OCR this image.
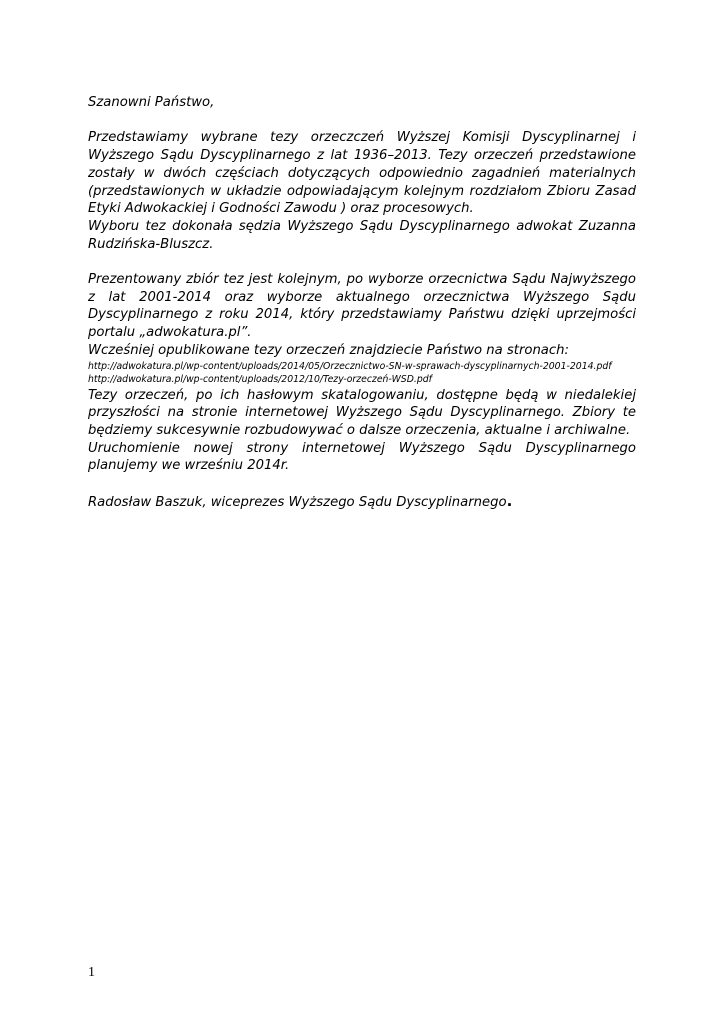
Szanowni Państwo,

Przedstawiamy wybrane tezy orzeczczeń Wyższej Komisji Dyscyplinarnej i Wyższego Sądu Dyscyplinarnego z lat 1936–2013. Tezy orzeczeń przedstawione zostały w dwóch częściach dotyczących odpowiednio zagadnień materialnych (przedstawionych w układzie odpowiadającym kolejnym rozdziałom Zbioru Zasad Etyki Adwokackiej i Godności Zawodu ) oraz procesowych.

Wyboru tez dokonała sędzia Wyższego Sądu Dyscyplinarnego adwokat Zuzanna Rudzińska-Bluszcz.

Prezentowany zbiór tez jest kolejnym, po wyborze orzecnictwa Sądu Najwyższego z lat 2001-2014 oraz wyborze aktualnego orzecznictwa Wyższego Sądu Dyscyplinarnego z roku 2014, który przedstawiamy Państwu dzięki uprzejmości portalu „adwokatura.pl”.

Wcześniej opublikowane tezy orzeczeń znajdziecie Państwo na stronach:

http://adwokatura.pl/wp-content/uploads/2014/05/Orzecznictwo-SN-w-sprawach-dyscyplinarnych-2001-2014.pdf
http://adwokatura.pl/wp-content/uploads/2012/10/Tezy-orzeczeń-WSD.pdf

Tezy orzeczeń, po ich hasłowym skatalogowaniu, dostępne będą w niedalekiej przyszłości na stronie internetowej Wyższego Sądu Dyscyplinarnego. Zbiory te będziemy sukcesywnie rozbudowywać o dalsze orzeczenia, aktualne i archiwalne.

Uruchomienie nowej strony internetowej Wyższego Sądu Dyscyplinarnego planujemy we wrześniu 2014r.

Radosław Baszuk, wiceprezes Wyższego Sądu Dyscyplinarnego.

1
